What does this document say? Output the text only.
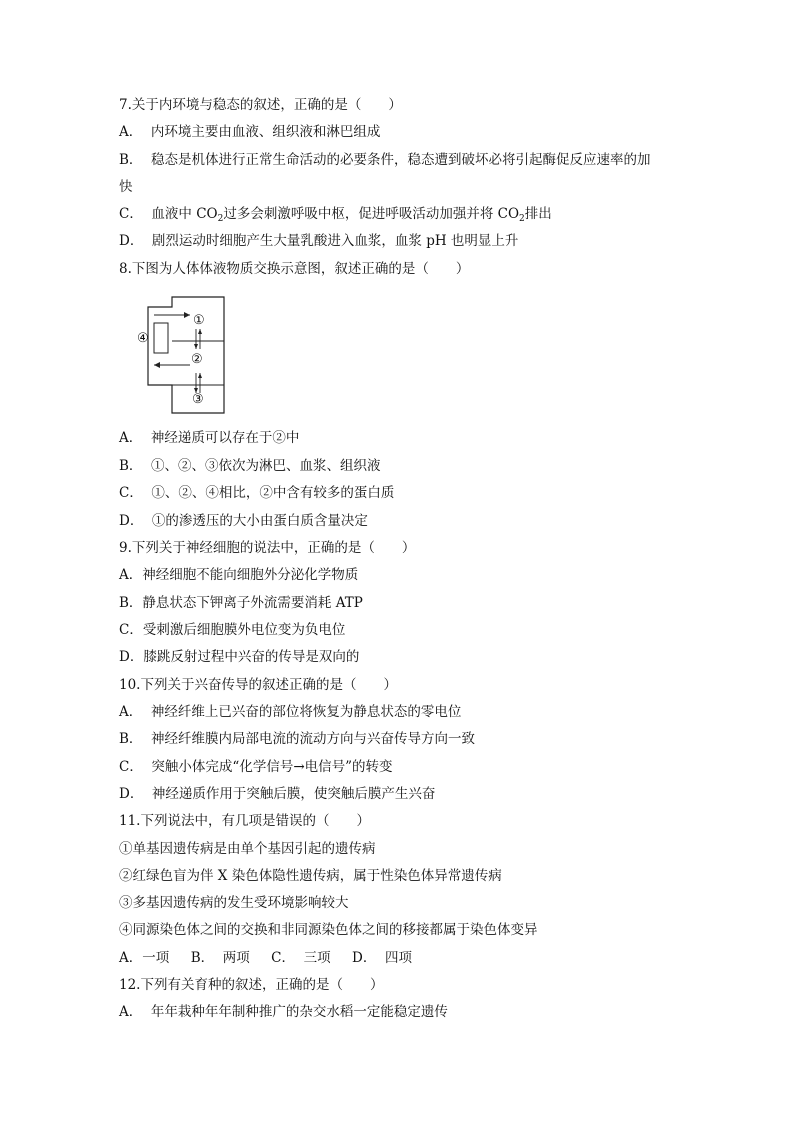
7.关于内环境与稳态的叙述，正确的是（　　）
A．  内环境主要由血液、组织液和淋巴组成
B．  稳态是机体进行正常生命活动的必要条件，稳态遭到破坏必将引起酶促反应速率的加
快
C．  血液中 $CO_2$过多会刺激呼吸中枢，促进呼吸活动加强并将 $CO_2$排出
D．  剧烈运动时细胞产生大量乳酸进入血浆，血浆 pH 也明显上升
8.下图为人体体液物质交换示意图，叙述正确的是（　　）
①
②
③
④
A．  神经递质可以存在于②中
B．  ①、②、③依次为淋巴、血浆、组织液
C．  ①、②、④相比，②中含有较多的蛋白质
D．  ①的渗透压的大小由蛋白质含量决定
9.下列关于神经细胞的说法中，正确的是（　　）
A．神经细胞不能向细胞外分泌化学物质
B．静息状态下钾离子外流需要消耗 ATP
C．受刺激后细胞膜外电位变为负电位
D．膝跳反射过程中兴奋的传导是双向的
10.下列关于兴奋传导的叙述正确的是（　　）
A．  神经纤维上已兴奋的部位将恢复为静息状态的零电位
B．  神经纤维膜内局部电流的流动方向与兴奋传导方向一致
C．  突触小体完成“化学信号→电信号”的转变
D．  神经递质作用于突触后膜，使突触后膜产生兴奋
11.下列说法中，有几项是错误的（　　）
①单基因遗传病是由单个基因引起的遗传病
②红绿色盲为伴 X 染色体隐性遗传病，属于性染色体异常遗传病
③多基因遗传病的发生受环境影响较大
④同源染色体之间的交换和非同源染色体之间的移接都属于染色体变异
A．一项     B．  两项     C．  三项     D．  四项
12.下列有关育种的叙述，正确的是（　　）
A．  年年栽种年年制种推广的杂交水稻一定能稳定遗传
